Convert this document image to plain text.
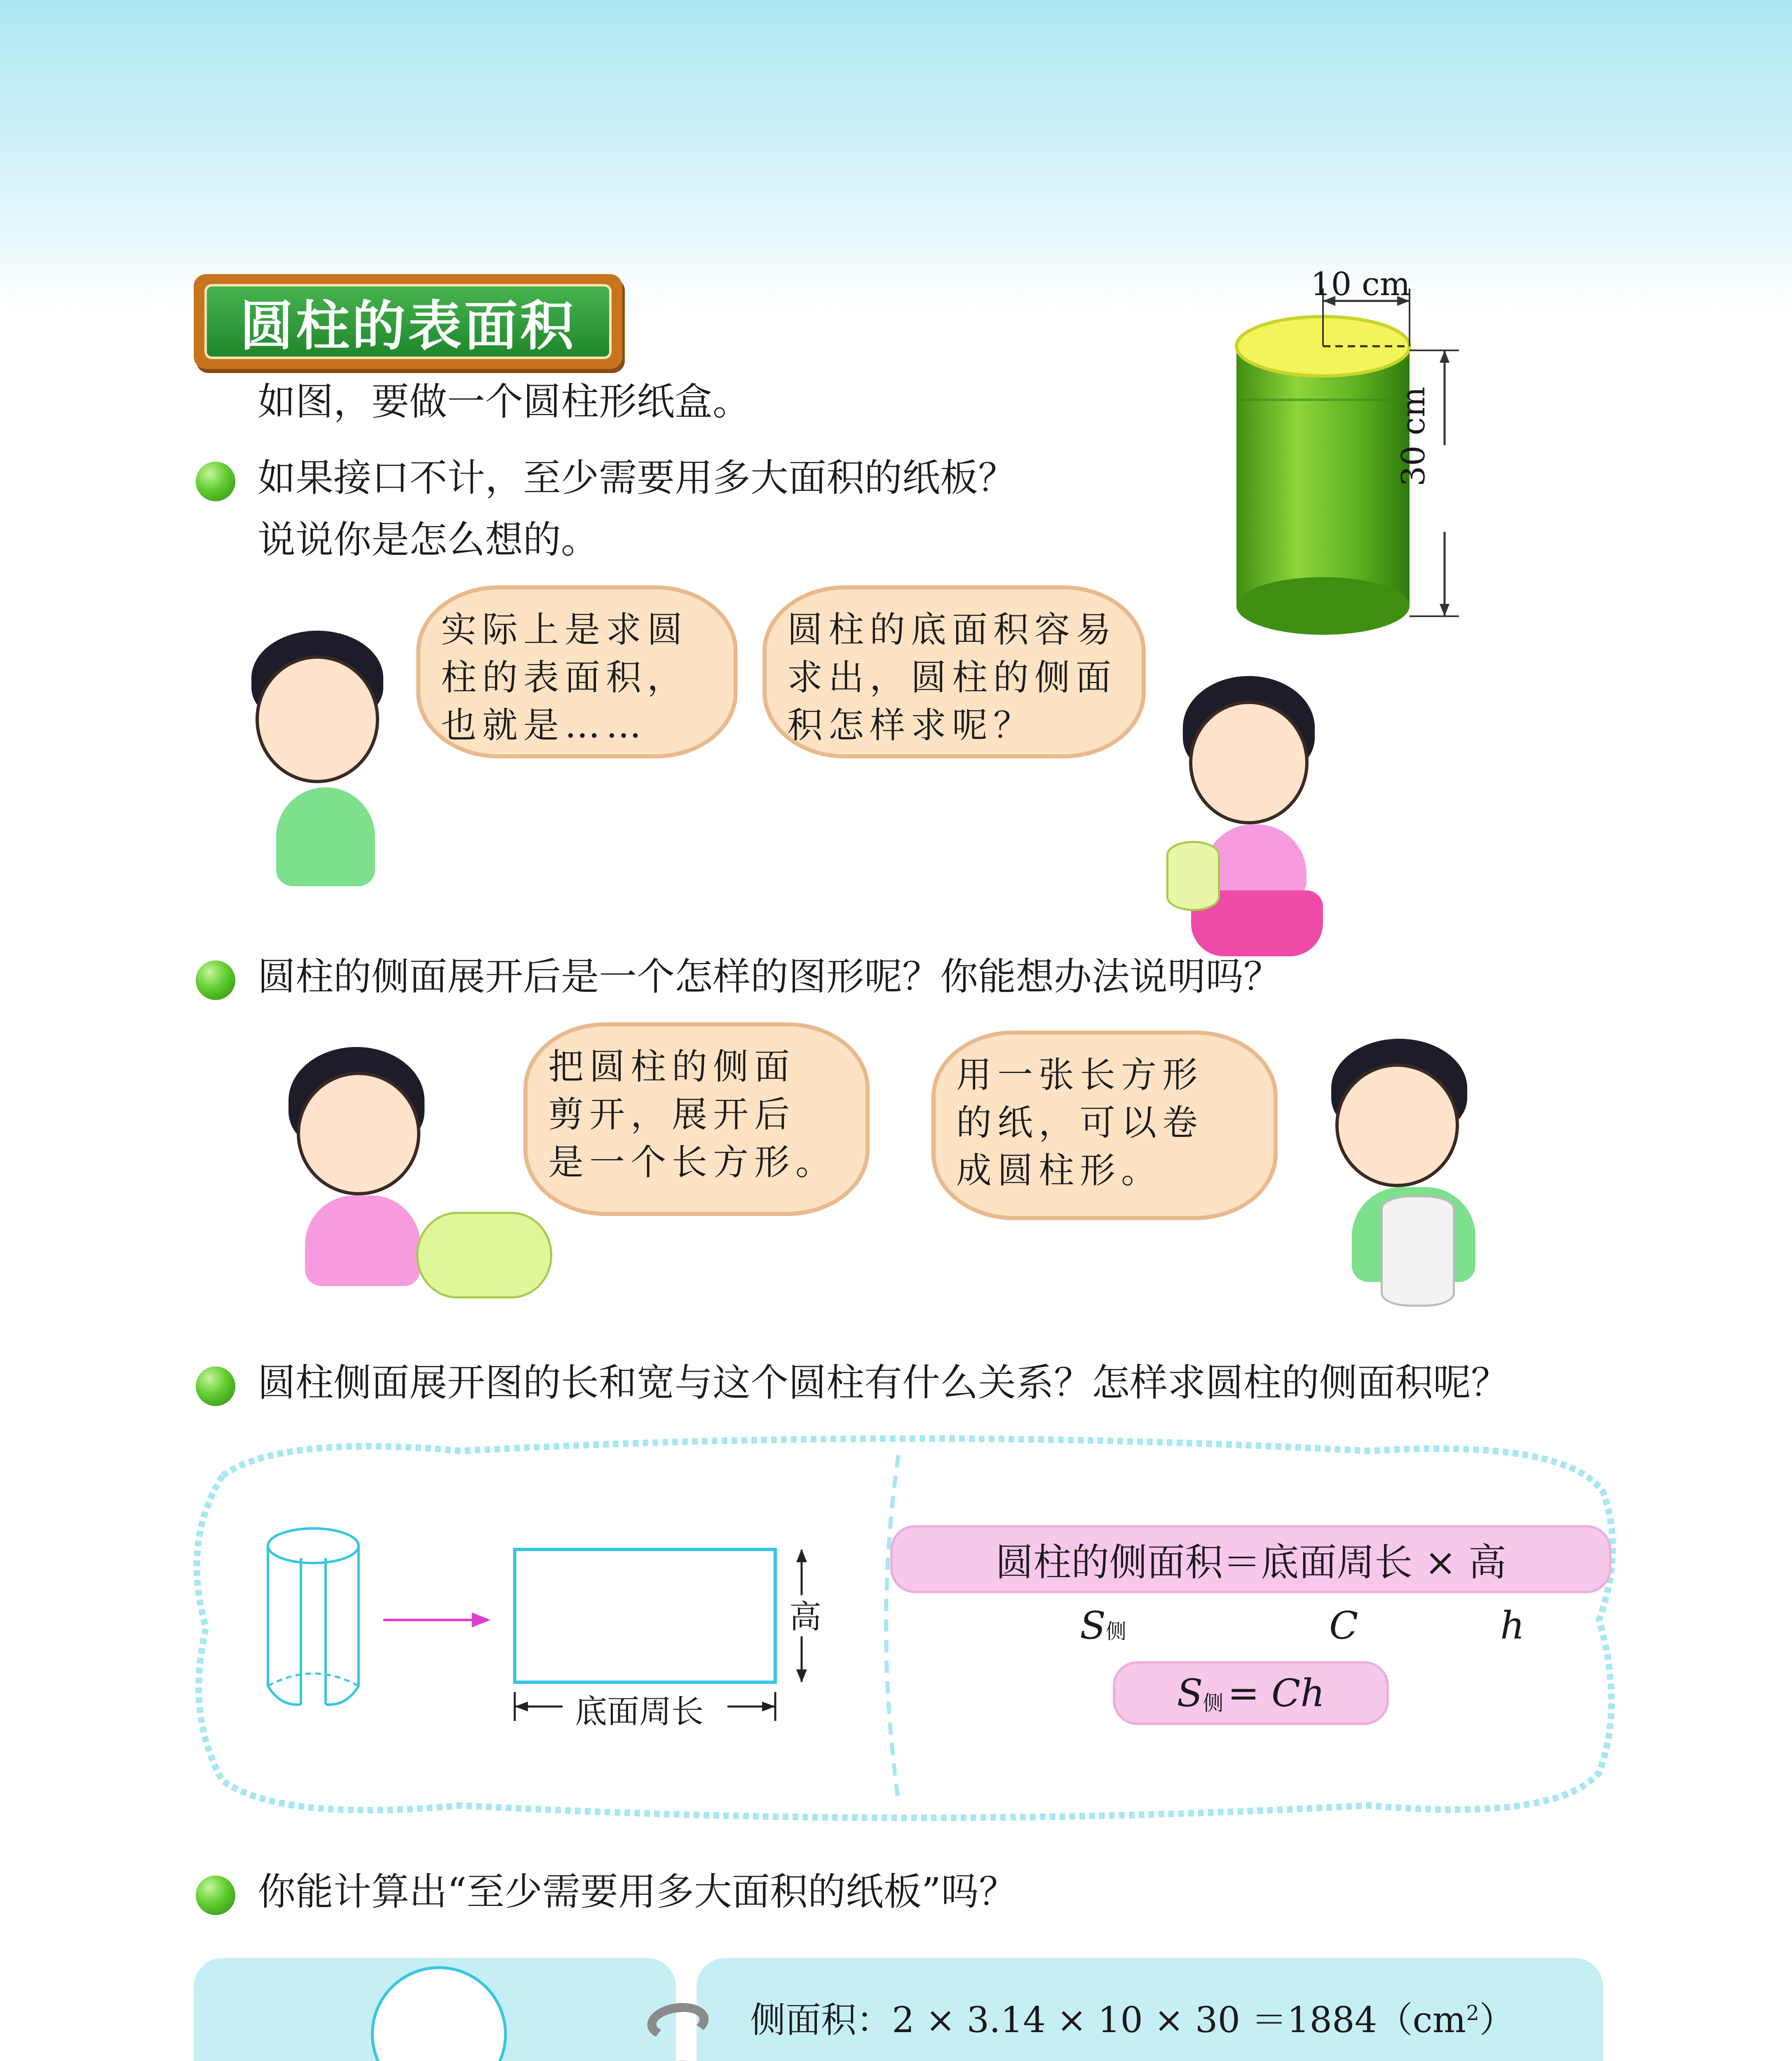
圆柱的表面积
如图，要做一个圆柱形纸盒。
10 cm
30 cm
如果接口不计，至少需要用多大面积的纸板？
说说你是怎么想的。
实际上是求圆
柱的表面积，
也就是……
圆柱的底面积容易
求出，圆柱的侧面
积怎样求呢？
圆柱的侧面展开后是一个怎样的图形呢？你能想办法说明吗？
把圆柱的侧面
剪开，展开后
是一个长方形。
用一张长方形
的纸，可以卷
成圆柱形。
圆柱侧面展开图的长和宽与这个圆柱有什么关系？怎样求圆柱的侧面积呢？
高
底面周长
圆柱的侧面积＝底面周长 × 高
S侧	C	h
S 侧 = Ch
你能计算出“至少需要用多大面积的纸板”吗？
侧面积：$2 \times 3.14 \times 10 \times 30 =1884(cm^2)$
